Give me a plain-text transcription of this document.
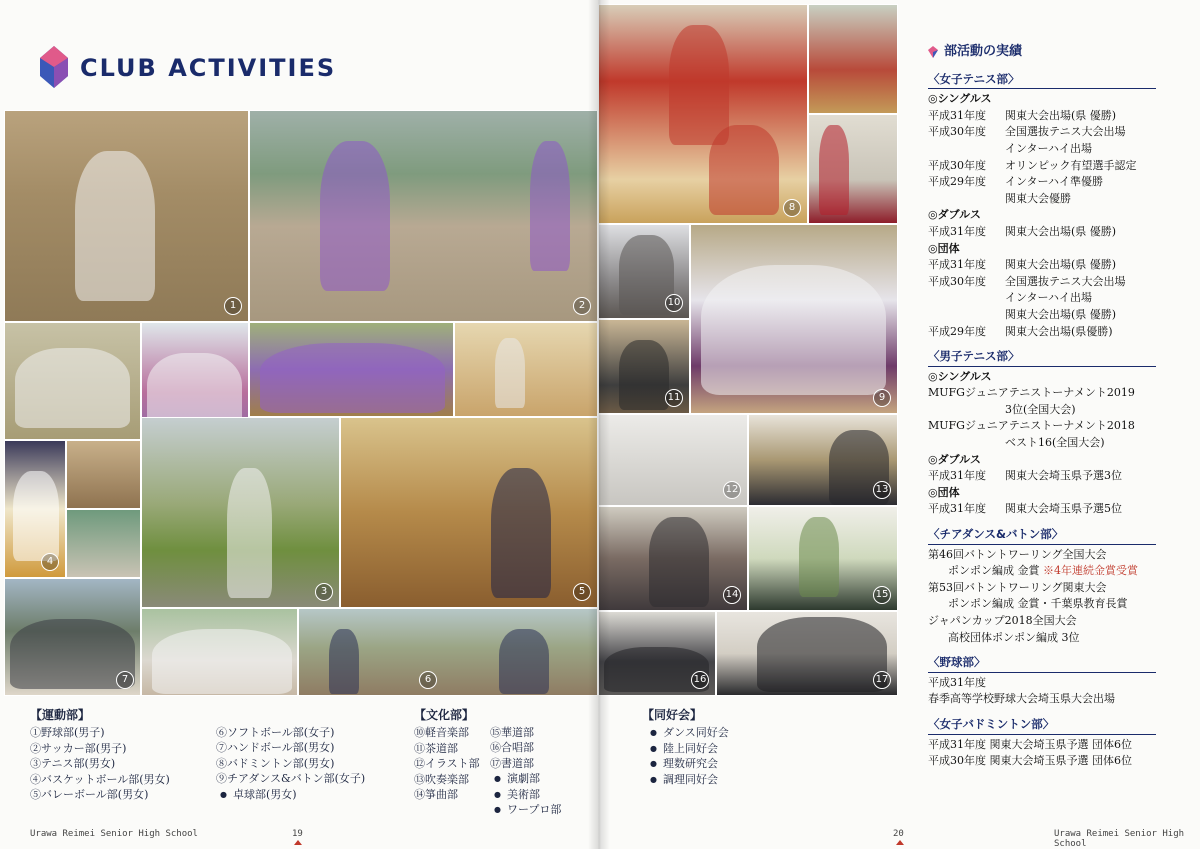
CLUB ACTIVITIES
1	2
4
3	5
7	6
【運動部】
①野球部(男子)
②サッカー部(男子)
③テニス部(男女)
④バスケットボール部(男女)
⑤バレーボール部(男女)
⑥ソフトボール部(女子)
⑦ハンドボール部(男女)
⑧バドミントン部(男女)
⑨チアダンス&バトン部(女子)
● 卓球部(男女)
【文化部】
⑩軽音楽部
⑪茶道部
⑫イラスト部
⑬吹奏楽部
⑭箏曲部
⑮華道部
⑯合唱部
⑰書道部
● 演劇部
● 美術部
● ワープロ部
Urawa Reimei Senior High School	19
8
10
9
11
12	13
14	15
16	17
【同好会】
● ダンス同好会
● 陸上同好会
● 理数研究会
● 調理同好会
20	Urawa Reimei Senior High School
部活動の実績
〈女子テニス部〉
◎シングルス
平成31年度	関東大会出場(県 優勝)
平成30年度	全国選抜テニス大会出場
インターハイ出場
平成30年度	オリンピック有望選手認定
平成29年度	インターハイ準優勝
関東大会優勝
◎ダブルス
平成31年度	関東大会出場(県 優勝)
◎団体
平成31年度	関東大会出場(県 優勝)
平成30年度	全国選抜テニス大会出場
インターハイ出場
関東大会出場(県 優勝)
平成29年度	関東大会出場(県優勝)
〈男子テニス部〉
◎シングルス
MUFGジュニアテニストーナメント2019
3位(全国大会)
MUFGジュニアテニストーナメント2018
ベスト16(全国大会)
◎ダブルス
平成31年度	関東大会埼玉県予選3位
◎団体
平成31年度	関東大会埼玉県予選5位
〈チアダンス&バトン部〉
第46回バトントワーリング全国大会
ポンポン編成 金賞 ※4年連続金賞受賞
第53回バトントワーリング関東大会
ポンポン編成 金賞・千葉県教育長賞
ジャパンカップ2018全国大会
高校団体ポンポン編成 3位
〈野球部〉
平成31年度
春季高等学校野球大会埼玉県大会出場
〈女子バドミントン部〉
平成31年度 関東大会埼玉県予選 団体6位
平成30年度 関東大会埼玉県予選 団体6位
